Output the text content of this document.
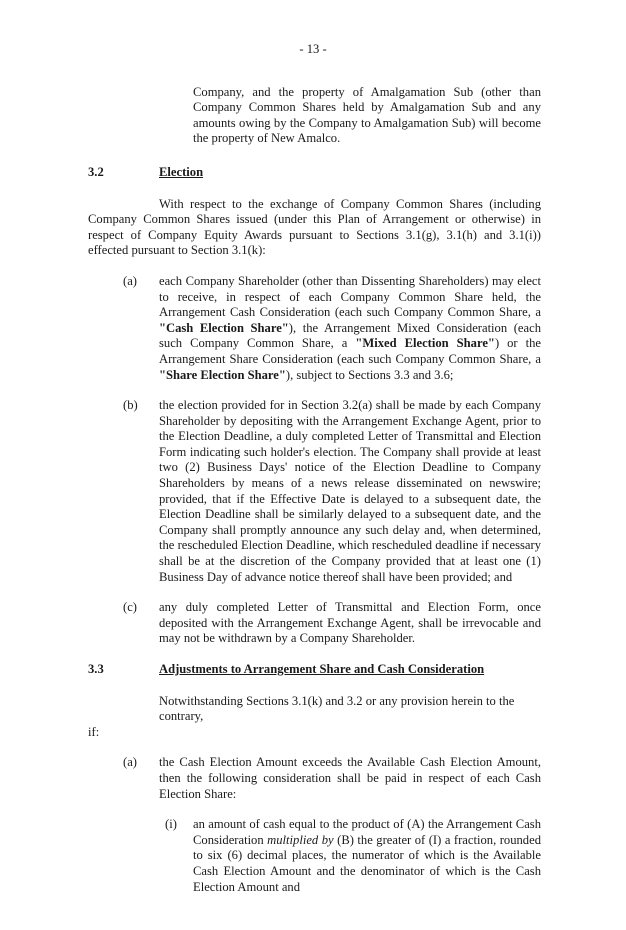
- 13 -
Company, and the property of Amalgamation Sub (other than Company Common Shares held by Amalgamation Sub and any amounts owing by the Company to Amalgamation Sub) will become the property of New Amalco.
3.2	Election
With respect to the exchange of Company Common Shares (including Company Common Shares issued (under this Plan of Arrangement or otherwise) in respect of Company Equity Awards pursuant to Sections 3.1(g), 3.1(h) and 3.1(i)) effected pursuant to Section 3.1(k):
(a)	each Company Shareholder (other than Dissenting Shareholders) may elect to receive, in respect of each Company Common Share held, the Arrangement Cash Consideration (each such Company Common Share, a "Cash Election Share"), the Arrangement Mixed Consideration (each such Company Common Share, a "Mixed Election Share") or the Arrangement Share Consideration (each such Company Common Share, a "Share Election Share"), subject to Sections 3.3 and 3.6;
(b)	the election provided for in Section 3.2(a) shall be made by each Company Shareholder by depositing with the Arrangement Exchange Agent, prior to the Election Deadline, a duly completed Letter of Transmittal and Election Form indicating such holder's election. The Company shall provide at least two (2) Business Days' notice of the Election Deadline to Company Shareholders by means of a news release disseminated on newswire; provided, that if the Effective Date is delayed to a subsequent date, the Election Deadline shall be similarly delayed to a subsequent date, and the Company shall promptly announce any such delay and, when determined, the rescheduled Election Deadline, which rescheduled deadline if necessary shall be at the discretion of the Company provided that at least one (1) Business Day of advance notice thereof shall have been provided; and
(c)	any duly completed Letter of Transmittal and Election Form, once deposited with the Arrangement Exchange Agent, shall be irrevocable and may not be withdrawn by a Company Shareholder.
3.3	Adjustments to Arrangement Share and Cash Consideration
Notwithstanding Sections 3.1(k) and 3.2 or any provision herein to the contrary,
if:
(a)	the Cash Election Amount exceeds the Available Cash Election Amount, then the following consideration shall be paid in respect of each Cash Election Share:
(i)	an amount of cash equal to the product of (A) the Arrangement Cash Consideration multiplied by (B) the greater of (I) a fraction, rounded to six (6) decimal places, the numerator of which is the Available Cash Election Amount and the denominator of which is the Cash Election Amount and
